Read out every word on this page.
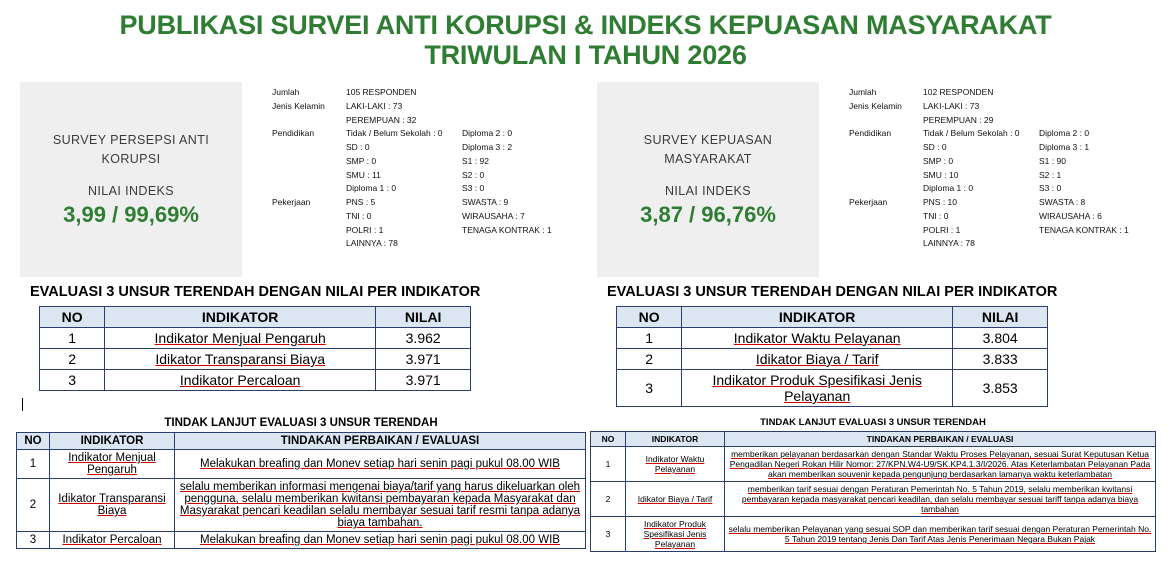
PUBLIKASI SURVEI ANTI KORUPSI & INDEKS KEPUASAN MASYARAKAT
TRIWULAN I TAHUN 2026
SURVEY PERSEPSI ANTI
KORUPSI
NILAI INDEKS
3,99 / 99,69%
Jumlah	105 RESPONDEN
Jenis Kelamin	LAKI-LAKI : 73
PEREMPUAN : 32
Pendidikan	Tidak / Belum Sekolah : 0	Diploma 2 : 0
SD : 0	Diploma 3 : 2
SMP : 0	S1 : 92
SMU : 11	S2 : 0
Diploma 1 : 0	S3 : 0
Pekerjaan	PNS : 5	SWASTA : 9
TNI : 0	WIRAUSAHA : 7
POLRI : 1	TENAGA KONTRAK : 1
LAINNYA : 78
SURVEY KEPUASAN
MASYARAKAT
NILAI INDEKS
3,87 / 96,76%
Jumlah	102 RESPONDEN
Jenis Kelamin	LAKI-LAKI : 73
PEREMPUAN : 29
Pendidikan	Tidak / Belum Sekolah : 0	Diploma 2 : 0
SD : 0	Diploma 3 : 1
SMP : 0	S1 : 90
SMU : 10	S2 : 1
Diploma 1 : 0	S3 : 0
Pekerjaan	PNS : 10	SWASTA : 8
TNI : 0	WIRAUSAHA : 6
POLRI : 1	TENAGA KONTRAK : 1
LAINNYA : 78
EVALUASI 3 UNSUR TERENDAH DENGAN NILAI PER INDIKATOR
NO	INDIKATOR	NILAI
1	Indikator Menjual Pengaruh	3.962
2	Idikator Transparansi Biaya	3.971
3	Indikator Percaloan	3.971
EVALUASI 3 UNSUR TERENDAH DENGAN NILAI PER INDIKATOR
NO	INDIKATOR	NILAI
1	Indikator Waktu Pelayanan	3.804
2	Idikator Biaya / Tarif	3.833
3	Indikator Produk Spesifikasi Jenis Pelayanan	3.853
TINDAK LANJUT EVALUASI 3 UNSUR TERENDAH
NO	INDIKATOR	TINDAKAN PERBAIKAN / EVALUASI
1	Indikator Menjual Pengaruh	Melakukan breafing dan Monev setiap hari senin pagi pukul 08.00 WIB
2	Idikator Transparansi Biaya	selalu memberikan informasi mengenai biaya/tarif yang harus dikeluarkan oleh pengguna, selalu memberikan kwitansi pembayaran kepada Masyarakat dan Masyarakat pencari keadilan selalu membayar sesuai tarif resmi tanpa adanya biaya tambahan.
3	Indikator Percaloan	Melakukan breafing dan Monev setiap hari senin pagi pukul 08.00 WIB
TINDAK LANJUT EVALUASI 3 UNSUR TERENDAH
NO	INDIKATOR	TINDAKAN PERBAIKAN / EVALUASI
1	Indikator Waktu Pelayanan	memberikan pelayanan berdasarkan dengan Standar Waktu Proses Pelayanan, sesuai Surat Keputusan Ketua Pengadilan Negeri Rokan Hilir Nomor: 27/KPN.W4-U9/SK.KP4.1.3/I/2026. Atas Keterlambatan Pelayanan Pada akan memberikan souvenir kepada pengunjung berdasarkan lamanya waktu keterlambatan
2	Idikator Biaya / Tarif	memberikan tarif sesuai dengan Peraturan Pemerintah No. 5 Tahun 2019, selalu memberikan kwitansi pembayaran kepada masyarakat pencari keadilan, dan selalu membayar sesuai tariff tanpa adanya biaya tambahan
3	Indikator Produk Spesifikasi Jenis Pelayanan	selalu memberikan Pelayanan yang sesuai SOP dan memberikan tarif sesuai dengan Peraturan Pemerintah No. 5 Tahun 2019 tentang Jenis Dan Tarif Atas Jenis Penerimaan Negara Bukan Pajak
